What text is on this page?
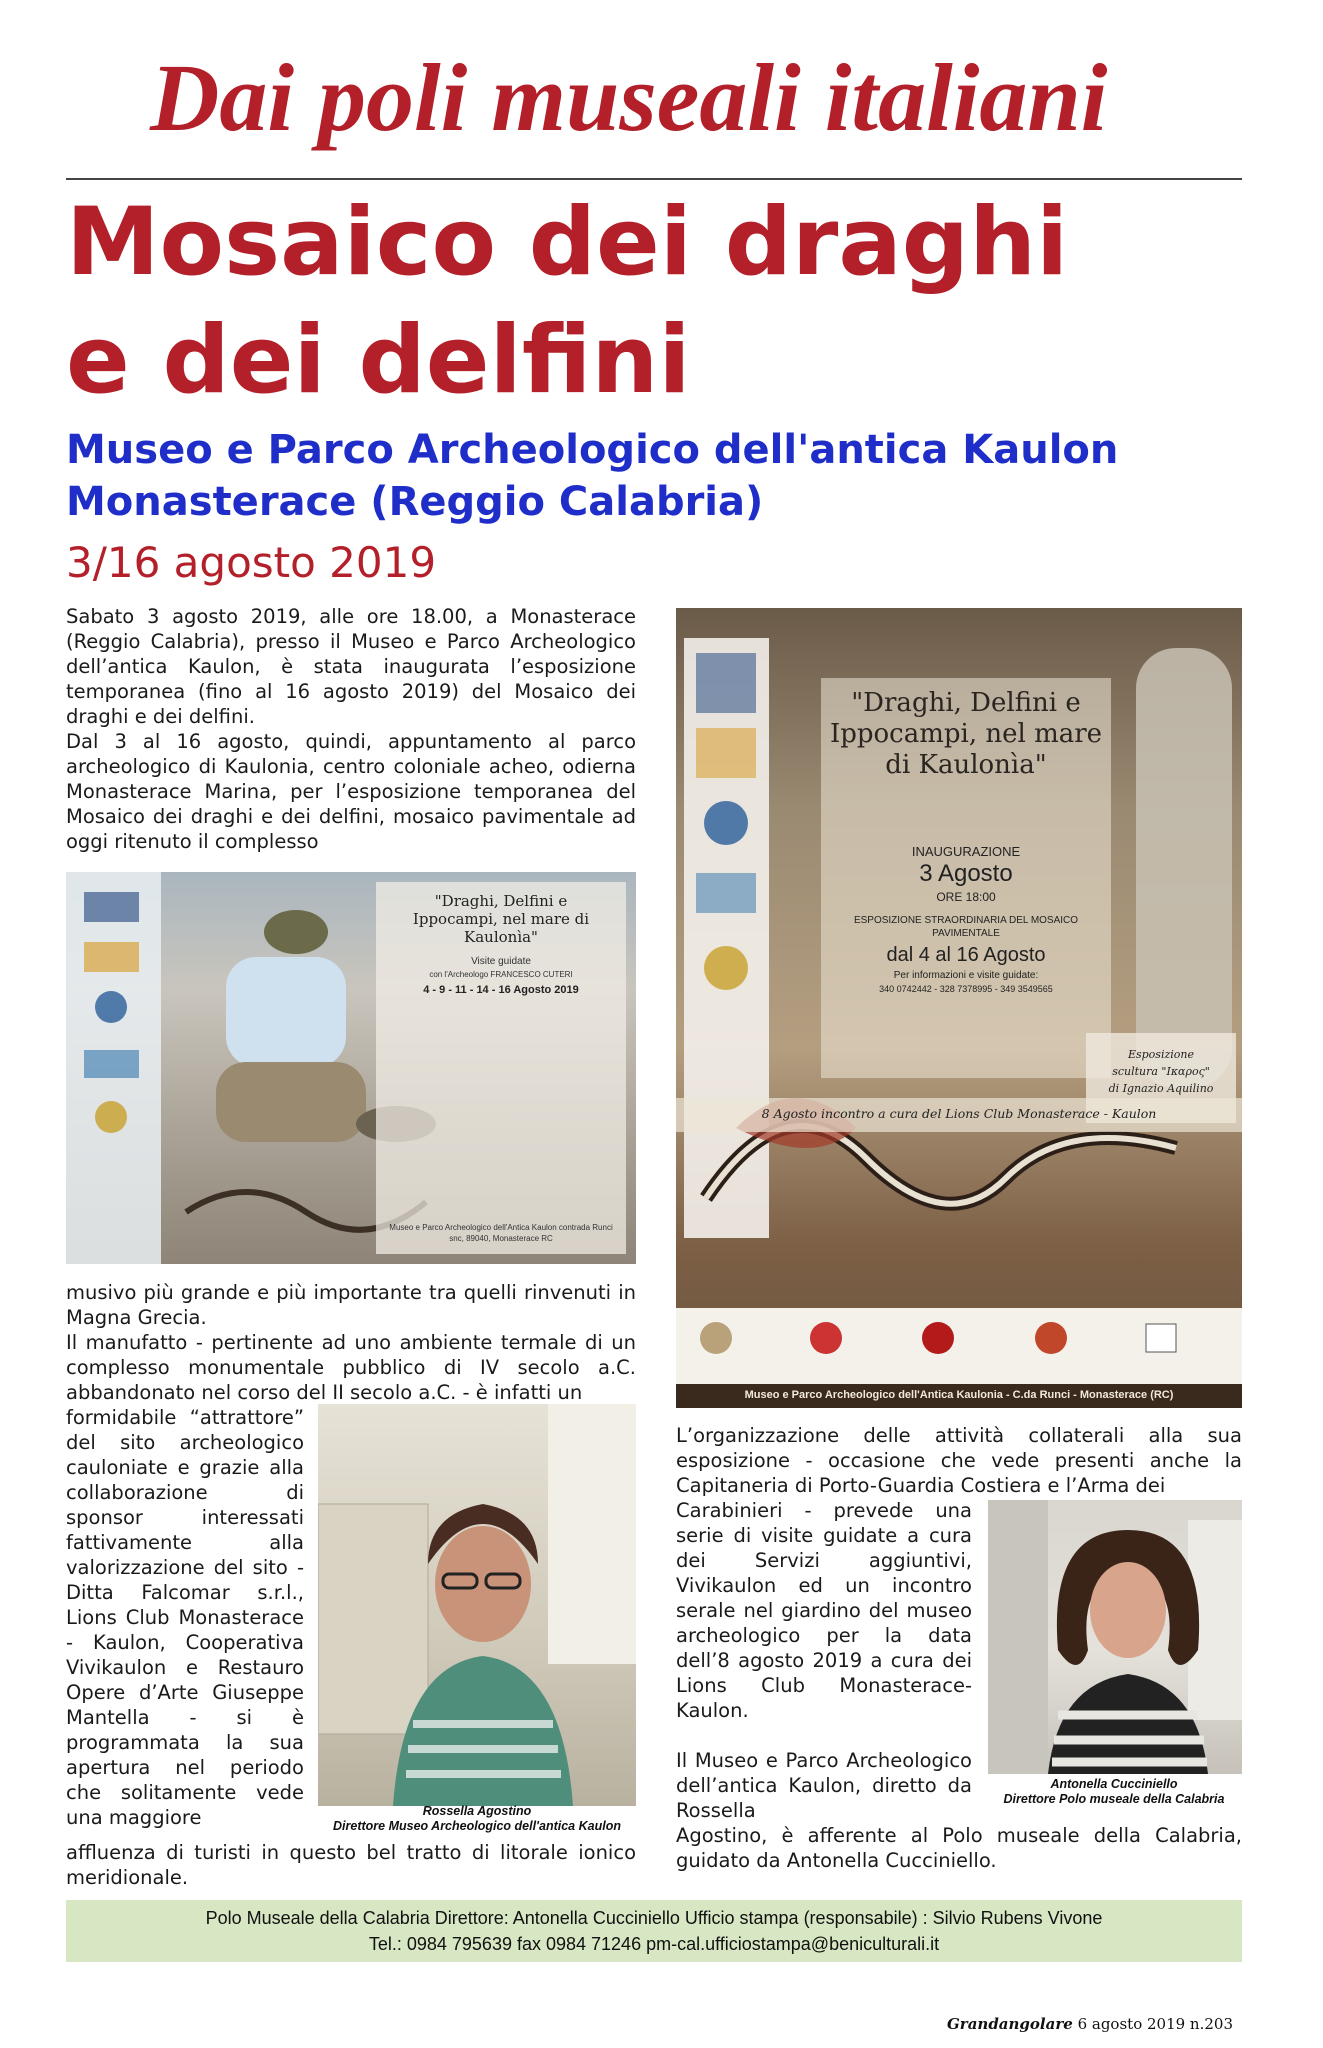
Dai poli museali italiani
Mosaico dei draghi
e dei delfini
Museo e Parco Archeologico dell'antica Kaulon
Monasterace (Reggio Calabria)
3/16 agosto 2019

Sabato 3 agosto 2019, alle ore 18.00, a Monasterace (Reggio Calabria), presso il Museo e Parco Archeologico dell’antica Kaulon, è stata inaugurata l’esposizione temporanea (fino al 16 agosto 2019) del Mosaico dei draghi e dei delfini.

Dal 3 al 16 agosto, quindi, appuntamento al parco archeologico di Kaulonia, centro coloniale acheo, odierna Monasterace Marina, per l’esposizione temporanea del Mosaico dei draghi e dei delfini, mosaico pavimentale ad oggi ritenuto il complesso

"Draghi, Delfini e Ippocampi, nel mare di Kaulonìa"
Visite guidate
con l'Archeologo FRANCESCO CUTERI
4 - 9 - 11 - 14 - 16 Agosto 2019
Museo e Parco Archeologico dell'Antica Kaulon contrada Runci snc, 89040, Monasterace RC

musivo più grande e più importante tra quelli rinvenuti in Magna Grecia.

Il manufatto - pertinente ad uno ambiente termale di un complesso monumentale pubblico di IV secolo a.C. abbandonato nel corso del II secolo a.C. - è infatti un

formidabile “attrattore” del sito archeologico cauloniate e grazie alla collaborazione di sponsor interessati fattivamente alla valorizzazione del sito - Ditta Falcomar s.r.l., Lions Club Monasterace - Kaulon, Cooperativa Vivikaulon e Restauro Opere d’Arte Giuseppe Mantella - si è programmata la sua apertura nel periodo che solitamente vede una maggiore	Rossella Agostino
Direttore Museo Archeologico dell'antica Kaulon

affluenza di turisti in questo bel tratto di litorale ionico meridionale.

"Draghi, Delfini e Ippocampi, nel mare di Kaulonìa"
INAUGURAZIONE
3 Agosto
ORE 18:00
ESPOSIZIONE STRAORDINARIA DEL MOSAICO PAVIMENTALE
dal 4 al 16 Agosto
Per informazioni e visite guidate:
340 0742442 - 328 7378995 - 349 3549565
Esposizione
scultura "Ικαρος"
di Ignazio Aquilino
8 Agosto incontro a cura del Lions Club Monasterace - Kaulon
Museo e Parco Archeologico dell'Antica Kaulonia - C.da Runci - Monasterace (RC)

L’organizzazione delle attività collaterali alla sua esposizione - occasione che vede presenti anche la Capitaneria di Porto-Guardia Costiera e l’Arma dei

Carabinieri - prevede una serie di visite guidate a cura dei Servizi aggiuntivi, Vivikaulon ed un incontro serale nel giardino del museo archeologico per la data dell’8 agosto 2019 a cura dei Lions Club Monasterace-Kaulon.

Il Museo e Parco Archeologico dell’antica Kaulon, diretto da Rossella

Antonella Cucciniello
Direttore Polo museale della Calabria

Agostino, è afferente al Polo museale della Calabria, guidato da Antonella Cucciniello.

Polo Museale della Calabria Direttore: Antonella Cucciniello Ufficio stampa (responsabile) : Silvio Rubens Vivone
Tel.: 0984 795639 fax 0984 71246 pm-cal.ufficiostampa@beniculturali.it
Grandangolare 6 agosto 2019 n.203
